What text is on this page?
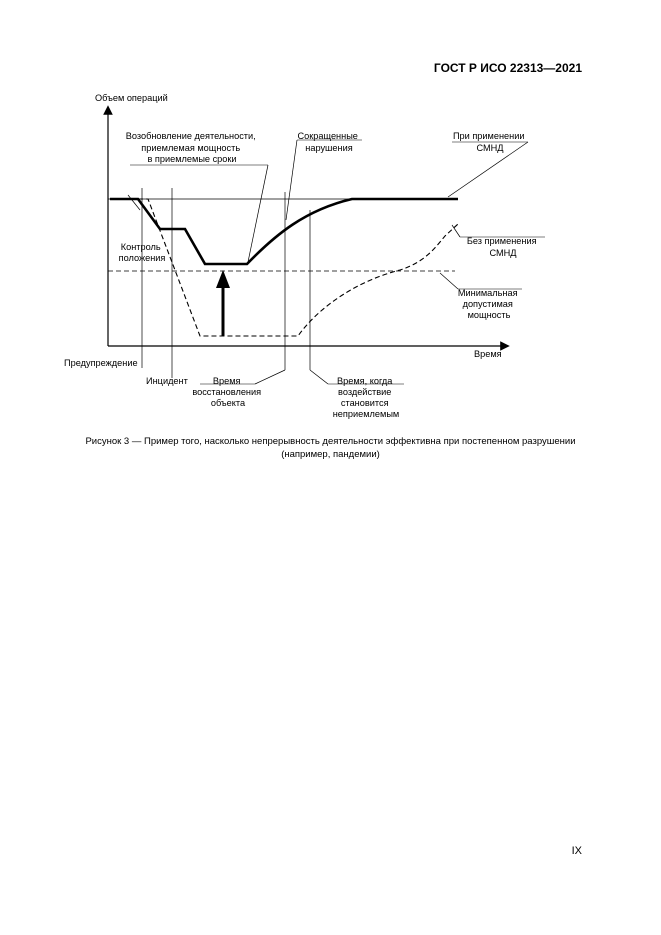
ГОСТ Р ИСО 22313—2021
Объем операций
Время
Возобновление деятельности, приемлемая мощность в приемлемые сроки
Сокращенные нарушения
При применении СМНД
Контроль положения
Без применения СМНД
Минимальная допустимая мощность
Предупреждение
Инцидент	Время восстановления объекта
Время, когда воздействие становится неприемлемым
Рисунок 3 — Пример того, насколько непрерывность деятельности эффективна при постепенном разрушении
(например, пандемии)
IX
